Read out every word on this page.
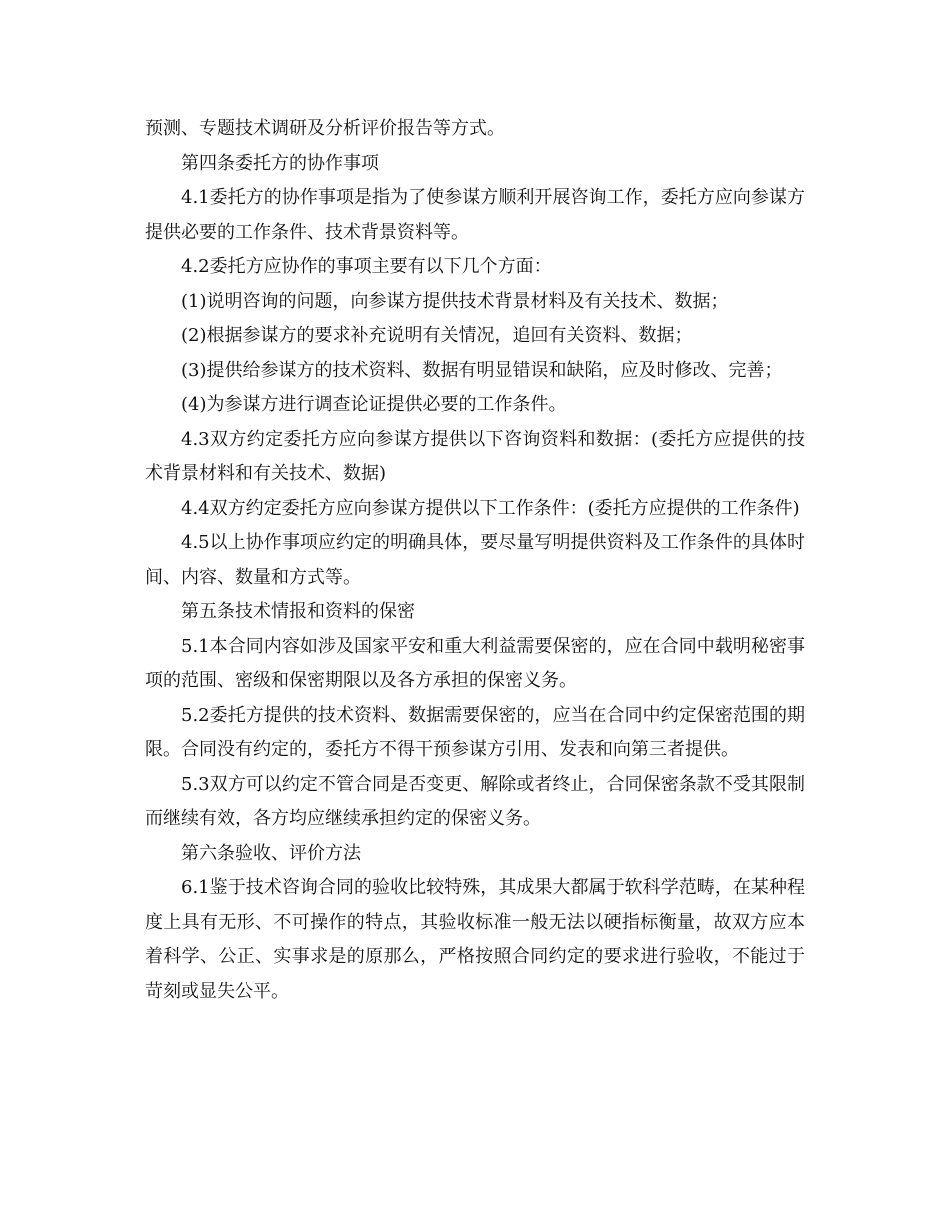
预测、专题技术调研及分析评价报告等方式。

第四条委托方的协作事项

4.1委托方的协作事项是指为了使参谋方顺利开展咨询工作，委托方应向参谋方提供必要的工作条件、技术背景资料等。

4.2委托方应协作的事项主要有以下几个方面：

(1)说明咨询的问题，向参谋方提供技术背景材料及有关技术、数据；

(2)根据参谋方的要求补充说明有关情况，追回有关资料、数据；

(3)提供给参谋方的技术资料、数据有明显错误和缺陷，应及时修改、完善；

(4)为参谋方进行调查论证提供必要的工作条件。

4.3双方约定委托方应向参谋方提供以下咨询资料和数据：(委托方应提供的技术背景材料和有关技术、数据)

4.4双方约定委托方应向参谋方提供以下工作条件：(委托方应提供的工作条件)

4.5以上协作事项应约定的明确具体，要尽量写明提供资料及工作条件的具体时间、内容、数量和方式等。

第五条技术情报和资料的保密

5.1本合同内容如涉及国家平安和重大利益需要保密的，应在合同中载明秘密事项的范围、密级和保密期限以及各方承担的保密义务。

5.2委托方提供的技术资料、数据需要保密的，应当在合同中约定保密范围的期限。合同没有约定的，委托方不得干预参谋方引用、发表和向第三者提供。

5.3双方可以约定不管合同是否变更、解除或者终止，合同保密条款不受其限制而继续有效，各方均应继续承担约定的保密义务。

第六条验收、评价方法

6.1鉴于技术咨询合同的验收比较特殊，其成果大都属于软科学范畴，在某种程度上具有无形、不可操作的特点，其验收标准一般无法以硬指标衡量，故双方应本着科学、公正、实事求是的原那么，严格按照合同约定的要求进行验收，不能过于苛刻或显失公平。
